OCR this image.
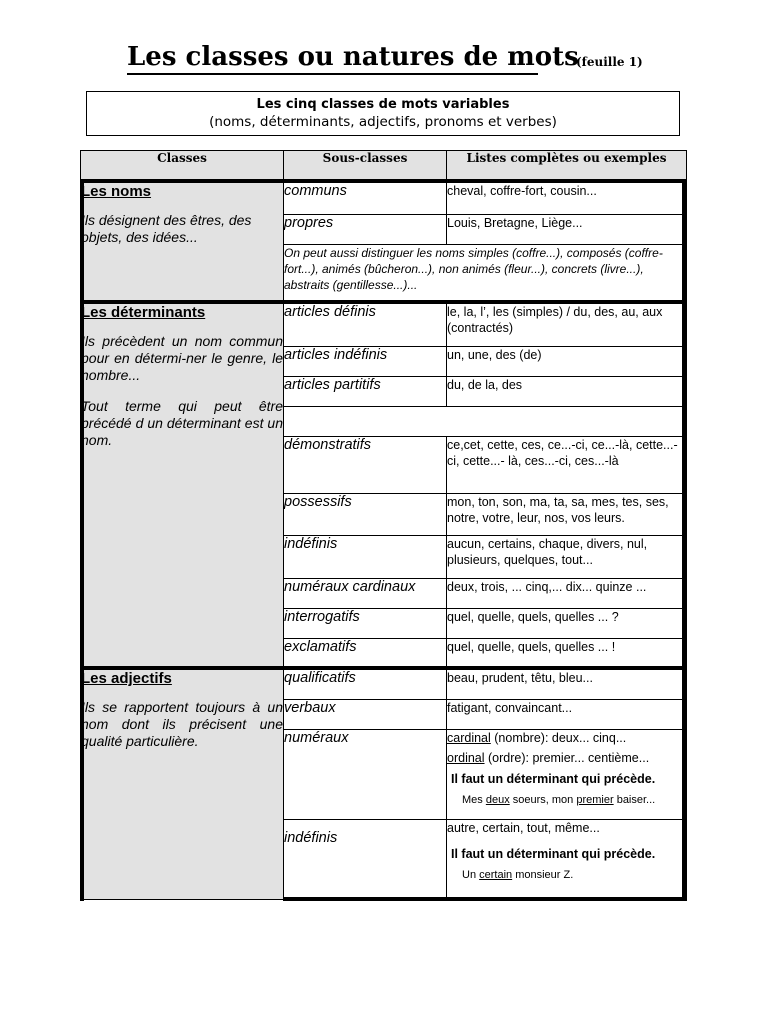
Les classes ou natures de mots
(feuille 1)
Les cinq classes de mots variables
(noms, déterminants, adjectifs, pronoms et verbes)
Classes	Sous-classes	Listes complètes ou exemples

Les noms
Ils désignent des êtres, des objets, des idées...	communs	cheval, coffre-fort, cousin...
	propres	Louis, Bretagne, Liège...
	On peut aussi distinguer les noms simples (coffre...), composés (coffre-fort...), animés (bûcheron...), non animés (fleur...), concrets (livre...), abstraits (gentillesse...)...	

Les déterminants
Ils précèdent un nom commun pour en détermi-ner le genre, le nombre...
Tout terme qui peut être précédé d un déterminant est un nom.	articles définis	le, la, l’, les (simples) / du, des, au, aux (contractés)
	articles indéfinis	un, une, des (de)
	articles partitifs	du, de la, des

	démonstratifs	ce,cet, cette, ces, ce...-ci, ce...-là, cette...-ci, cette...- là, ces...-ci, ces...-là
	possessifs	mon, ton, son, ma, ta, sa, mes, tes, ses, notre, votre, leur, nos, vos leurs.
	indéfinis	aucun, certains, chaque, divers, nul, plusieurs, quelques, tout...
	numéraux cardinaux	deux, trois, ... cinq,... dix... quinze ...
	interrogatifs	quel, quelle, quels, quelles ... ?
	exclamatifs	quel, quelle, quels, quelles ... !

Les adjectifs
Ils se rapportent toujours à un nom dont ils précisent une qualité particulière.	qualificatifs	beau, prudent, têtu, bleu...
	verbaux	fatigant, convaincant...
	numéraux	cardinal (nombre): deux... cinq...
ordinal (ordre): premier... centième...
Il faut un déterminant qui précède.
Mes deux soeurs, mon premier baiser...

	indéfinis	autre, certain, tout, même...
Il faut un déterminant qui précède.
Un certain monsieur Z.
